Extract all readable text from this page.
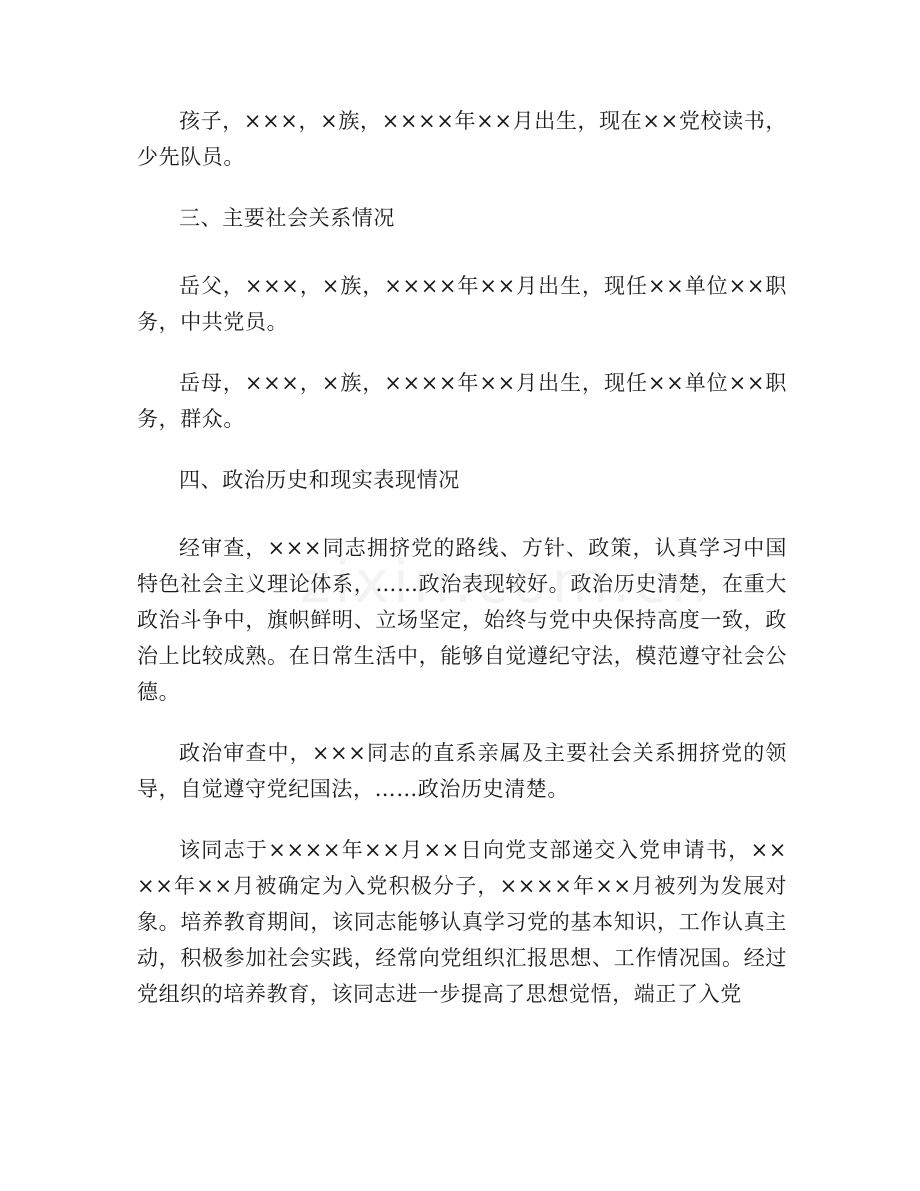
孩子，×××，×族，××××年××月出生，现在××党校读书，少先队员。

三、主要社会关系情况

岳父，×××，×族，××××年××月出生，现任××单位××职务，中共党员。

岳母，×××，×族，××××年××月出生，现任××单位××职务，群众。

四、政治历史和现实表现情况

经审查，×××同志拥挤党的路线、方针、政策，认真学习中国特色社会主义理论体系，……政治表现较好。政治历史清楚，在重大政治斗争中，旗帜鲜明、立场坚定，始终与党中央保持高度一致，政治上比较成熟。在日常生活中，能够自觉遵纪守法，模范遵守社会公德。

政治审查中，×××同志的直系亲属及主要社会关系拥挤党的领导，自觉遵守党纪国法，……政治历史清楚。

该同志于××××年××月××日向党支部递交入党申请书，××××年××月被确定为入党积极分子，××××年××月被列为发展对象。培养教育期间，该同志能够认真学习党的基本知识，工作认真主动，积极参加社会实践，经常向党组织汇报思想、工作情况国。经过党组织的培养教育，该同志进一步提高了思想觉悟，端正了入党
